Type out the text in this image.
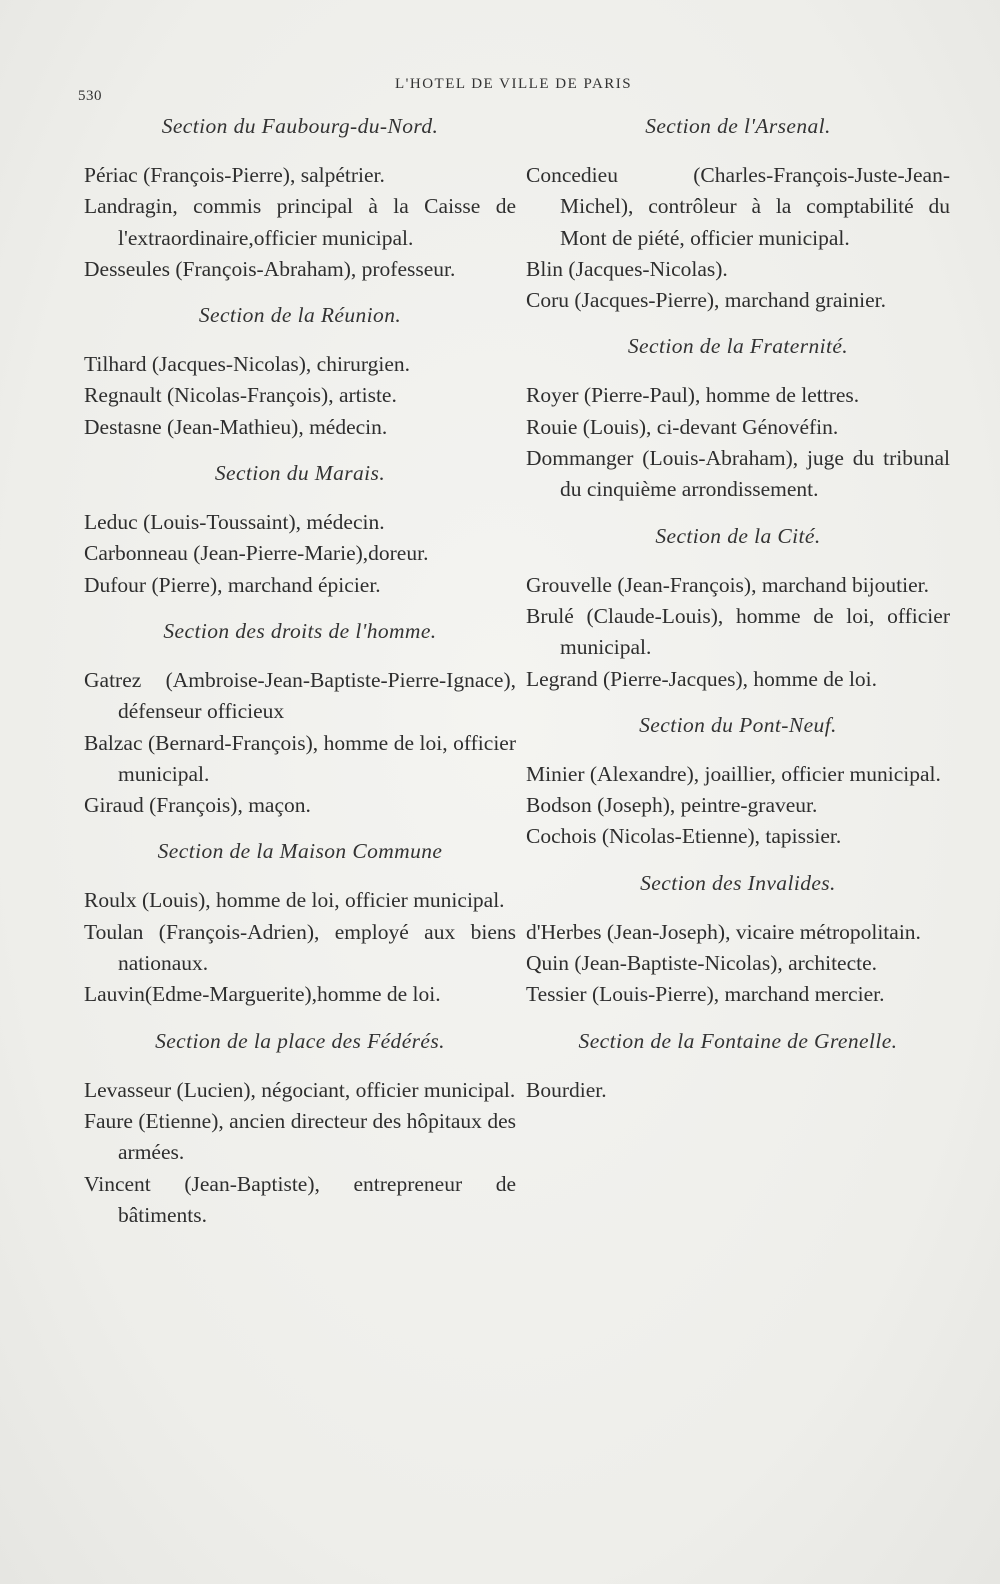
530
L'HOTEL DE VILLE DE PARIS
Section du Faubourg-du-Nord.

Périac (François-Pierre), salpétrier.

Landragin, commis principal à la Caisse de l'extraordinaire,officier municipal.

Desseules (François-Abraham), professeur.

Section de la Réunion.

Tilhard (Jacques-Nicolas), chirurgien.

Regnault (Nicolas-François), artiste.

Destasne (Jean-Mathieu), médecin.

Section du Marais.

Leduc (Louis-Toussaint), médecin.

Carbonneau (Jean-Pierre-Marie),doreur.

Dufour (Pierre), marchand épicier.

Section des droits de l'homme.

Gatrez (Ambroise-Jean-Baptiste-Pierre-Ignace), défenseur officieux

Balzac (Bernard-François), homme de loi, officier municipal.

Giraud (François), maçon.

Section de la Maison Commune

Roulx (Louis), homme de loi, officier municipal.

Toulan (François-Adrien), employé aux biens nationaux.

Lauvin(Edme-Marguerite),homme de loi.

Section de la place des Fédérés.

Levasseur (Lucien), négociant, officier municipal.

Faure (Etienne), ancien directeur des hôpitaux des armées.

Vincent (Jean-Baptiste), entrepreneur de bâtiments.

Section de l'Arsenal.

Concedieu (Charles-François-Juste-Jean-Michel), contrôleur à la comptabilité du Mont de piété, officier municipal.

Blin (Jacques-Nicolas).

Coru (Jacques-Pierre), marchand grainier.

Section de la Fraternité.

Royer (Pierre-Paul), homme de lettres.

Rouie (Louis), ci-devant Génovéfin.

Dommanger (Louis-Abraham), juge du tribunal du cinquième arrondissement.

Section de la Cité.

Grouvelle (Jean-François), marchand bijoutier.

Brulé (Claude-Louis), homme de loi, officier municipal.

Legrand (Pierre-Jacques), homme de loi.

Section du Pont-Neuf.

Minier (Alexandre), joaillier, officier municipal.

Bodson (Joseph), peintre-graveur.

Cochois (Nicolas-Etienne), tapissier.

Section des Invalides.

d'Herbes (Jean-Joseph), vicaire métropolitain.

Quin (Jean-Baptiste-Nicolas), architecte.

Tessier (Louis-Pierre), marchand mercier.

Section de la Fontaine de Grenelle.

Bourdier.
